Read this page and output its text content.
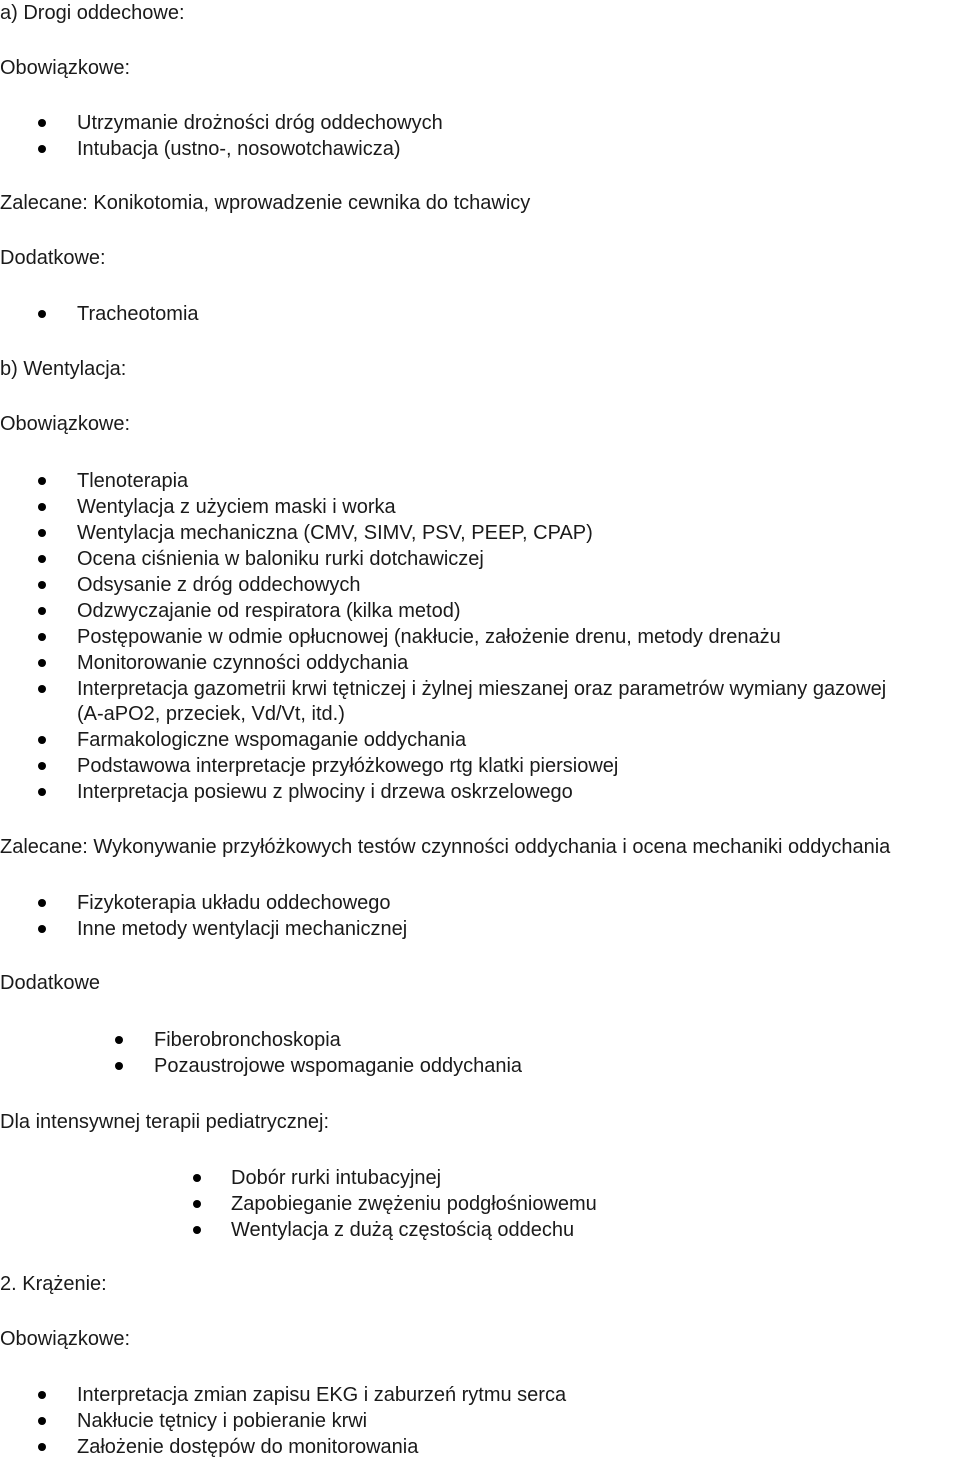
a) Drogi oddechowe:
Obowiązkowe:
Utrzymanie drożności dróg oddechowych
Intubacja (ustno-, nosowotchawicza)
Zalecane: Konikotomia, wprowadzenie cewnika do tchawicy
Dodatkowe:
Tracheotomia
b) Wentylacja:
Obowiązkowe:
Tlenoterapia
Wentylacja z użyciem maski i worka
Wentylacja mechaniczna (CMV, SIMV, PSV, PEEP, CPAP)
Ocena ciśnienia w baloniku rurki dotchawiczej
Odsysanie z dróg oddechowych
Odzwyczajanie od respiratora (kilka metod)
Postępowanie w odmie opłucnowej (nakłucie, założenie drenu, metody drenażu
Monitorowanie czynności oddychania
Interpretacja gazometrii krwi tętniczej i żylnej mieszanej oraz parametrów wymiany gazowej
(A-aPO2, przeciek, Vd/Vt, itd.)
Farmakologiczne wspomaganie oddychania
Podstawowa interpretacje przyłóżkowego rtg klatki piersiowej
Interpretacja posiewu z plwociny i drzewa oskrzelowego
Zalecane: Wykonywanie przyłóżkowych testów czynności oddychania i ocena mechaniki oddychania
Fizykoterapia układu oddechowego
Inne metody wentylacji mechanicznej
Dodatkowe
Fiberobronchoskopia
Pozaustrojowe wspomaganie oddychania
Dla intensywnej terapii pediatrycznej:
Dobór rurki intubacyjnej
Zapobieganie zwężeniu podgłośniowemu
Wentylacja z dużą częstością oddechu
2. Krążenie:
Obowiązkowe:
Interpretacja zmian zapisu EKG i zaburzeń rytmu serca
Nakłucie tętnicy i pobieranie krwi
Założenie dostępów do monitorowania
